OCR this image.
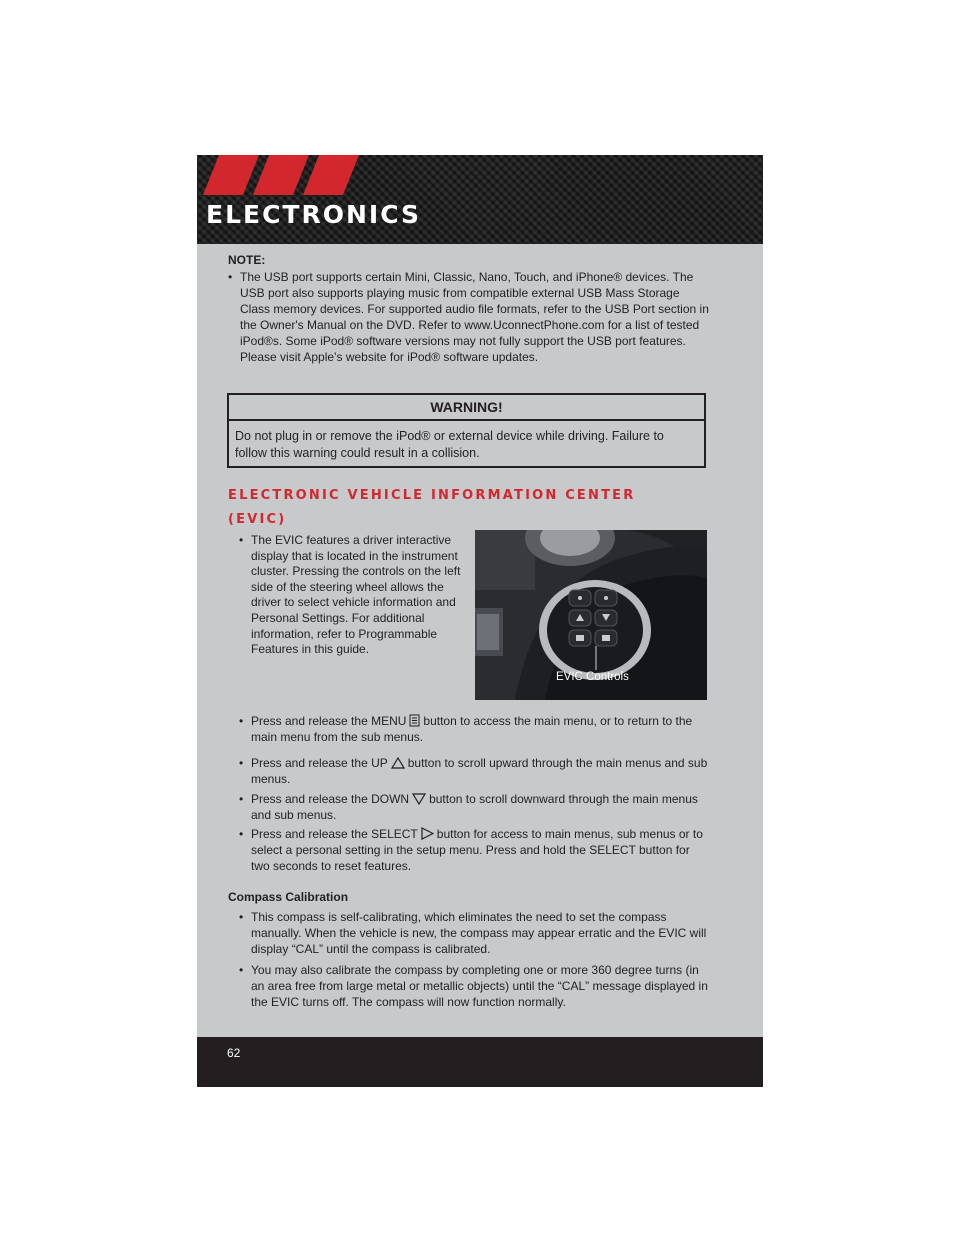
ELECTRONICS
NOTE:
• The USB port supports certain Mini, Classic, Nano, Touch, and iPhone® devices. The USB port also supports playing music from compatible external USB Mass Storage Class memory devices. For supported audio file formats, refer to the USB Port section in the Owner's Manual on the DVD. Refer to www.UconnectPhone.com for a list of tested iPod®s. Some iPod® software versions may not fully support the USB port features. Please visit Apple’s website for iPod® software updates.
WARNING!
Do not plug in or remove the iPod® or external device while driving. Failure to follow this warning could result in a collision.
ELECTRONIC VEHICLE INFORMATION CENTER
(EVIC)
• The EVIC features a driver interactive display that is located in the instrument cluster. Pressing the controls on the left side of the steering wheel allows the driver to select vehicle information and Personal Settings. For additional information, refer to Programmable Features in this guide.
EVIC Controls
• Press and release the MENU button to access the main menu, or to return to the main menu from the sub menus.
• Press and release the UP button to scroll upward through the main menus and sub menus.
• Press and release the DOWN button to scroll downward through the main menus and sub menus.
• Press and release the SELECT button for access to main menus, sub menus or to select a personal setting in the setup menu. Press and hold the SELECT button for two seconds to reset features.
Compass Calibration
• This compass is self-calibrating, which eliminates the need to set the compass manually. When the vehicle is new, the compass may appear erratic and the EVIC will display “CAL” until the compass is calibrated.
• You may also calibrate the compass by completing one or more 360 degree turns (in an area free from large metal or metallic objects) until the “CAL” message displayed in the EVIC turns off. The compass will now function normally.
62
